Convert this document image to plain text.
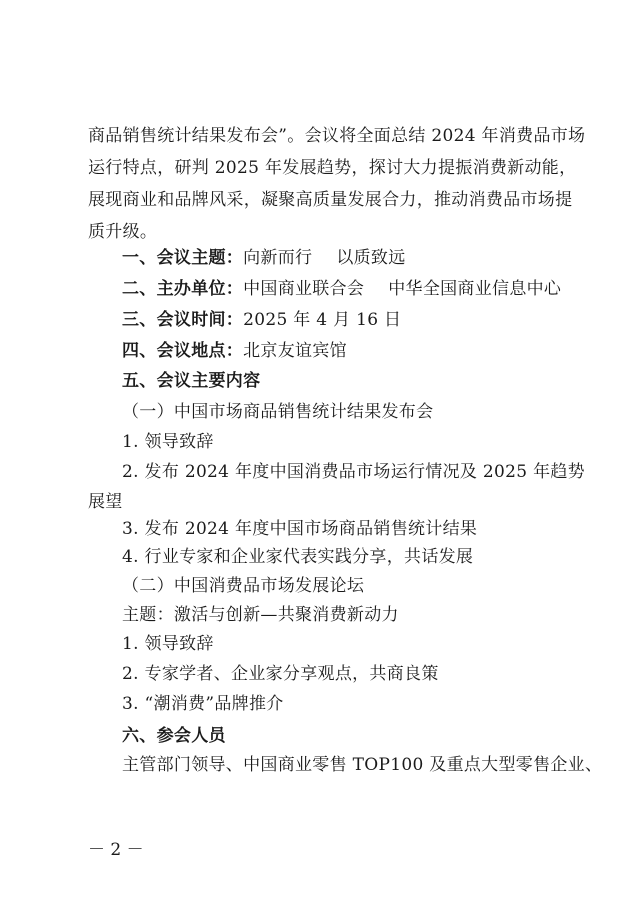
商品销售统计结果发布会”。会议将全面总结 2024 年消费品市场
运行特点，研判 2025 年发展趋势，探讨大力提振消费新动能，
展现商业和品牌风采，凝聚高质量发展合力，推动消费品市场提
质升级。
一、会议主题：向新而行 以质致远
二、主办单位：中国商业联合会 中华全国商业信息中心
三、会议时间：2025 年 4 月 16 日
四、会议地点：北京友谊宾馆
五、会议主要内容
（一）中国市场商品销售统计结果发布会
1. 领导致辞
2. 发布 2024 年度中国消费品市场运行情况及 2025 年趋势
展望
3. 发布 2024 年度中国市场商品销售统计结果
4. 行业专家和企业家代表实践分享，共话发展
（二）中国消费品市场发展论坛
主题：激活与创新—共聚消费新动力
1. 领导致辞
2. 专家学者、企业家分享观点，共商良策
3. “潮消费”品牌推介
六、参会人员
主管部门领导、中国商业零售 TOP100 及重点大型零售企业、
－ 2 －
